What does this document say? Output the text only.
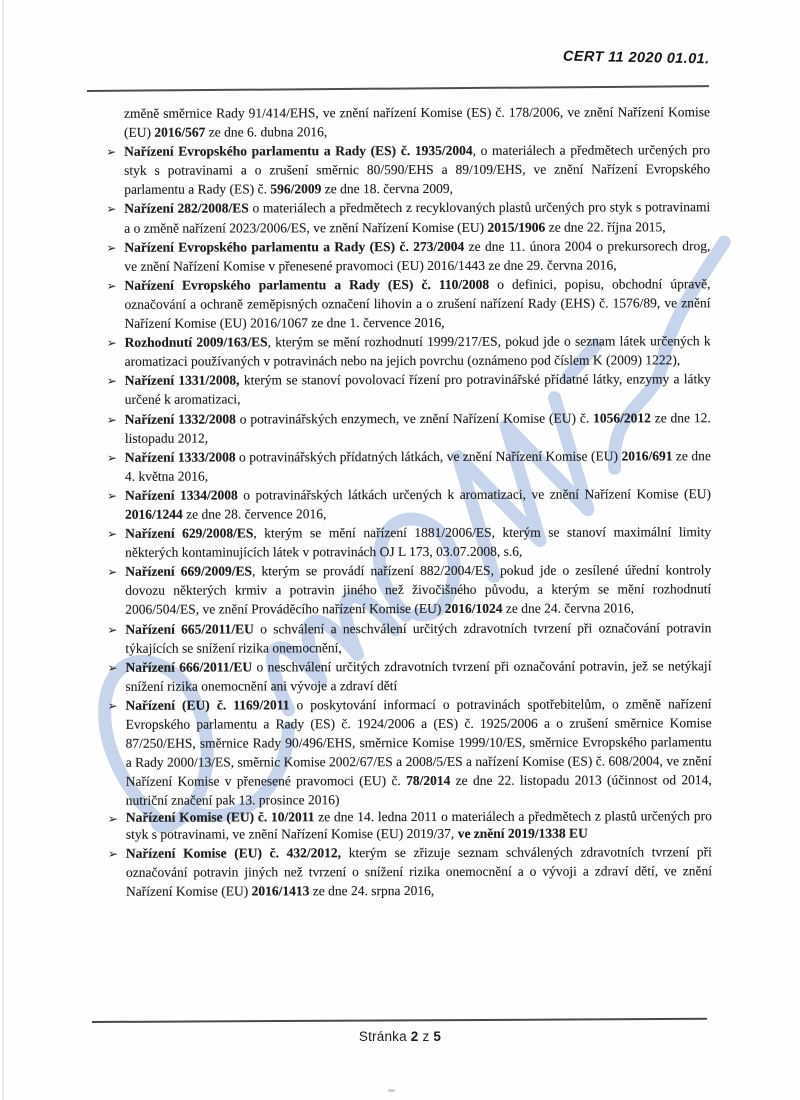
CERT 11 2020 01.01.

změně směrnice Rady 91/414/EHS, ve znění nařízení Komise (ES) č. 178/2006, ve znění Nařízení Komise (EU) 2016/567 ze dne 6. dubna 2016,

➢ Nařízení Evropského parlamentu a Rady (ES) č. 1935/2004, o materiálech a předmětech určených pro styk s potravinami a o zrušení směrnic 80/590/EHS a 89/109/EHS, ve znění Nařízení Evropského parlamentu a Rady (ES) č. 596/2009 ze dne 18. června 2009,
➢ Nařízení 282/2008/ES o materiálech a předmětech z recyklovaných plastů určených pro styk s potravinami a o změně nařízení 2023/2006/ES, ve znění Nařízení Komise (EU) 2015/1906 ze dne 22. října 2015,
➢ Nařízení Evropského parlamentu a Rady (ES) č. 273/2004 ze dne 11. února 2004 o prekursorech drog, ve znění Nařízení Komise v přenesené pravomoci (EU) 2016/1443 ze dne 29. června 2016,
➢ Nařízení Evropského parlamentu a Rady (ES) č. 110/2008 o definici, popisu, obchodní úpravě, označování a ochraně zeměpisných označení lihovin a o zrušení nařízení Rady (EHS) č. 1576/89, ve znění Nařízení Komise (EU) 2016/1067 ze dne 1. července 2016,
➢ Rozhodnutí 2009/163/ES, kterým se mění rozhodnutí 1999/217/ES, pokud jde o seznam látek určených k aromatizaci používaných v potravinách nebo na jejich povrchu (oznámeno pod číslem K (2009) 1222),
➢ Nařízení 1331/2008, kterým se stanoví povolovací řízení pro potravinářské přídatné látky, enzymy a látky určené k aromatizaci,
➢ Nařízení 1332/2008 o potravinářských enzymech, ve znění Nařízení Komise (EU) č. 1056/2012 ze dne 12. listopadu 2012,
➢ Nařízení 1333/2008 o potravinářských přídatných látkách, ve znění Nařízení Komise (EU) 2016/691 ze dne 4. května 2016,
➢ Nařízení 1334/2008 o potravinářských látkách určených k aromatizaci, ve znění Nařízení Komise (EU) 2016/1244 ze dne 28. července 2016,
➢ Nařízení 629/2008/ES, kterým se mění nařízení 1881/2006/ES, kterým se stanoví maximální limity některých kontaminujících látek v potravinách OJ L 173, 03.07.2008, s.6,
➢ Nařízení 669/2009/ES, kterým se provádí nařízení 882/2004/ES, pokud jde o zesílené úřední kontroly dovozu některých krmiv a potravin jiného než živočišného původu, a kterým se mění rozhodnutí 2006/504/ES, ve znění Prováděcího nařízení Komise (EU) 2016/1024 ze dne 24. června 2016,
➢ Nařízení 665/2011/EU o schválení a neschválení určitých zdravotních tvrzení při označování potravin týkajících se snížení rizika onemocnění,
➢ Nařízení 666/2011/EU o neschválení určitých zdravotních tvrzení při označování potravin, jež se netýkají snížení rizika onemocnění ani vývoje a zdraví dětí
➢ Nařízení (EU) č. 1169/2011 o poskytování informací o potravinách spotřebitelům, o změně nařízení Evropského parlamentu a Rady (ES) č. 1924/2006 a (ES) č. 1925/2006 a o zrušení směrnice Komise 87/250/EHS, směrnice Rady 90/496/EHS, směrnice Komise 1999/10/ES, směrnice Evropského parlamentu a Rady 2000/13/ES, směrnic Komise 2002/67/ES a 2008/5/ES a nařízení Komise (ES) č. 608/2004, ve znění Nařízení Komise v přenesené pravomoci (EU) č. 78/2014 ze dne 22. listopadu 2013 (účinnost od 2014, nutriční značení pak 13. prosince 2016)
➢ Nařízení Komise (EU) č. 10/2011 ze dne 14. ledna 2011 o materiálech a předmětech z plastů určených pro styk s potravinami, ve znění Nařízení Komise (EU) 2019/37, ve znění 2019/1338 EU
➢ Nařízení Komise (EU) č. 432/2012, kterým se zřizuje seznam schválených zdravotních tvrzení při označování potravin jiných než tvrzení o snížení rizika onemocnění a o vývoji a zdraví dětí, ve znění Nařízení Komise (EU) 2016/1413 ze dne 24. srpna 2016,
Stránka 2 z 5
